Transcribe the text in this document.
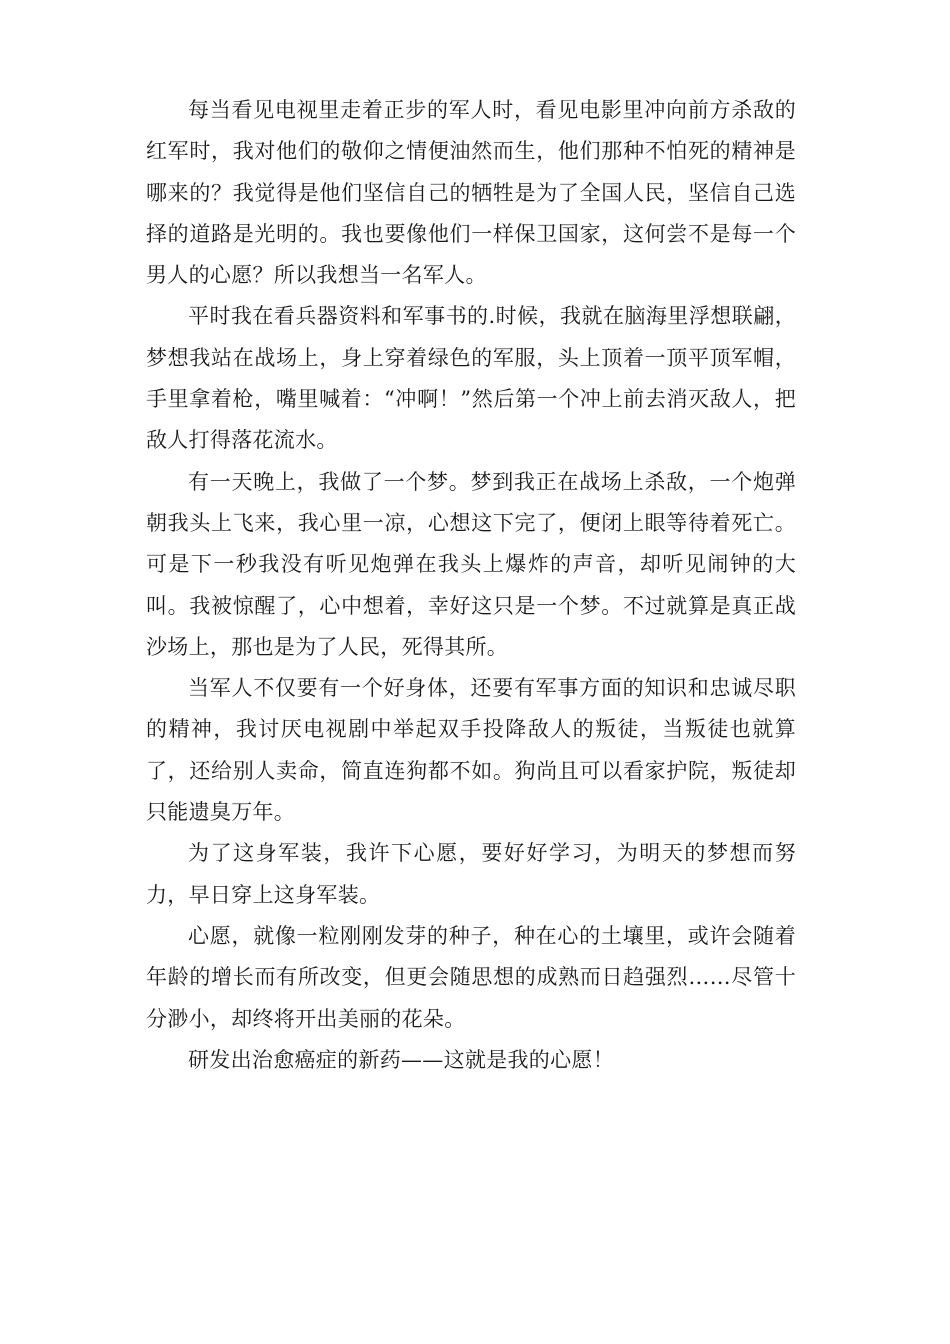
每当看见电视里走着正步的军人时，看见电影里冲向前方杀敌的红军时，我对他们的敬仰之情便油然而生，他们那种不怕死的精神是哪来的？我觉得是他们坚信自己的牺牲是为了全国人民，坚信自己选择的道路是光明的。我也要像他们一样保卫国家，这何尝不是每一个男人的心愿？所以我想当一名军人。

平时我在看兵器资料和军事书的.时候，我就在脑海里浮想联翩，梦想我站在战场上，身上穿着绿色的军服，头上顶着一顶平顶军帽，手里拿着枪，嘴里喊着：“冲啊！”然后第一个冲上前去消灭敌人，把敌人打得落花流水。

有一天晚上，我做了一个梦。梦到我正在战场上杀敌，一个炮弹朝我头上飞来，我心里一凉，心想这下完了，便闭上眼等待着死亡。可是下一秒我没有听见炮弹在我头上爆炸的声音，却听见闹钟的大叫。我被惊醒了，心中想着，幸好这只是一个梦。不过就算是真正战沙场上，那也是为了人民，死得其所。

当军人不仅要有一个好身体，还要有军事方面的知识和忠诚尽职的精神，我讨厌电视剧中举起双手投降敌人的叛徒，当叛徒也就算了，还给别人卖命，简直连狗都不如。狗尚且可以看家护院，叛徒却只能遗臭万年。

为了这身军装，我许下心愿，要好好学习，为明天的梦想而努力，早日穿上这身军装。

心愿，就像一粒刚刚发芽的种子，种在心的土壤里，或许会随着年龄的增长而有所改变，但更会随思想的成熟而日趋强烈……尽管十分渺小，却终将开出美丽的花朵。

研发出治愈癌症的新药——这就是我的心愿！
